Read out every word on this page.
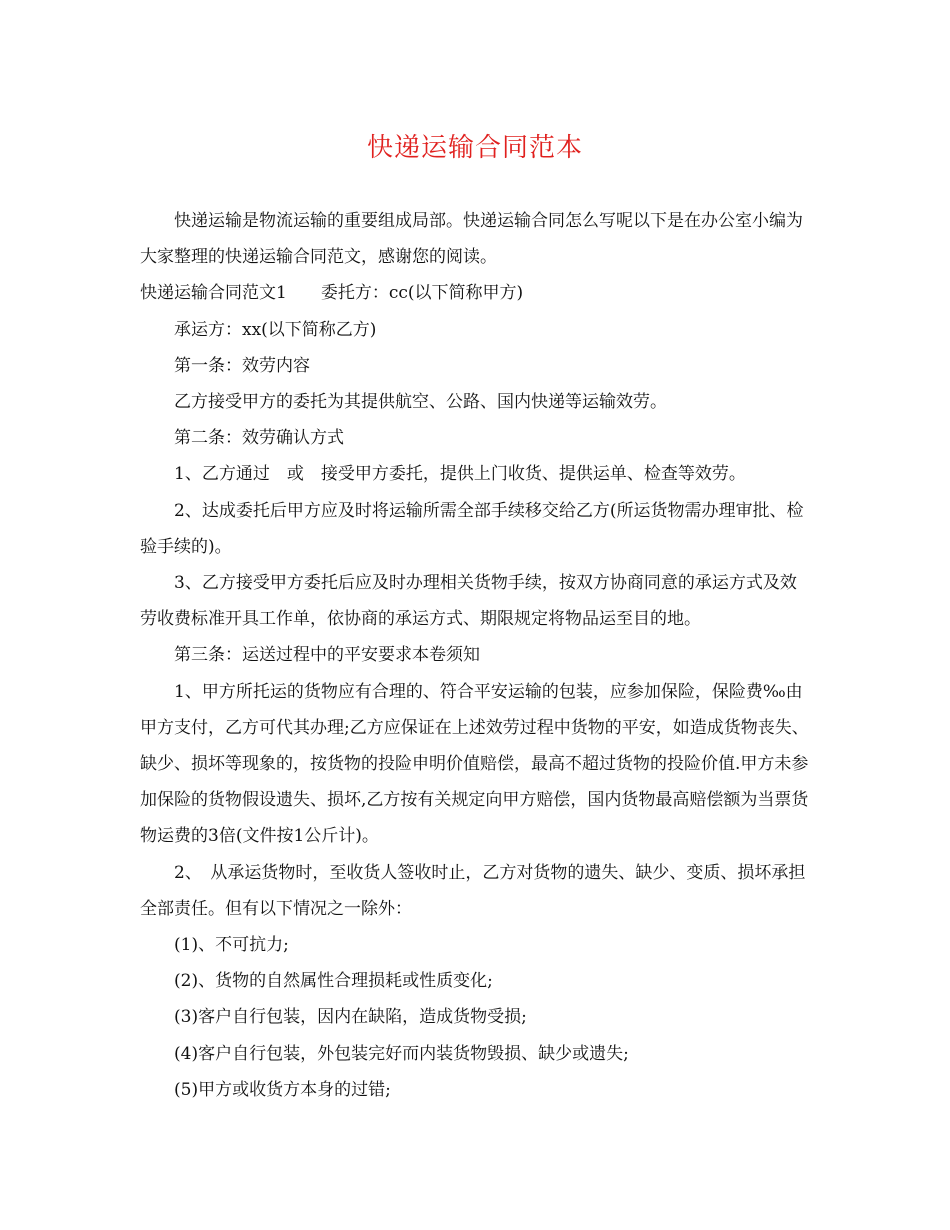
快递运输合同范本

快递运输是物流运输的重要组成局部。快递运输合同怎么写呢以下是在办公室小编为大家整理的快递运输合同范文，感谢您的阅读。

快递运输合同范文1　　委托方：cc(以下简称甲方)

承运方：xx(以下简称乙方)

第一条：效劳内容

乙方接受甲方的委托为其提供航空、公路、国内快递等运输效劳。

第二条：效劳确认方式

1、乙方通过　或　接受甲方委托，提供上门收货、提供运单、检查等效劳。

2、达成委托后甲方应及时将运输所需全部手续移交给乙方(所运货物需办理审批、检验手续的)。

3、乙方接受甲方委托后应及时办理相关货物手续，按双方协商同意的承运方式及效劳收费标准开具工作单，依协商的承运方式、期限规定将物品运至目的地。

第三条：运送过程中的平安要求本卷须知

1、甲方所托运的货物应有合理的、符合平安运输的包装，应参加保险，保险费‰由甲方支付，乙方可代其办理;乙方应保证在上述效劳过程中货物的平安，如造成货物丧失、缺少、损坏等现象的，按货物的投险申明价值赔偿，最高不超过货物的投险价值.甲方未参加保险的货物假设遗失、损坏,乙方按有关规定向甲方赔偿，国内货物最高赔偿额为当票货物运费的3倍(文件按1公斤计)。

2、　从承运货物时，至收货人签收时止，乙方对货物的遗失、缺少、变质、损坏承担全部责任。但有以下情况之一除外：

(1)、不可抗力;

(2)、货物的自然属性合理损耗或性质变化;

(3)客户自行包装，因内在缺陷，造成货物受损;

(4)客户自行包装，外包装完好而内装货物毁损、缺少或遗失;

(5)甲方或收货方本身的过错;
